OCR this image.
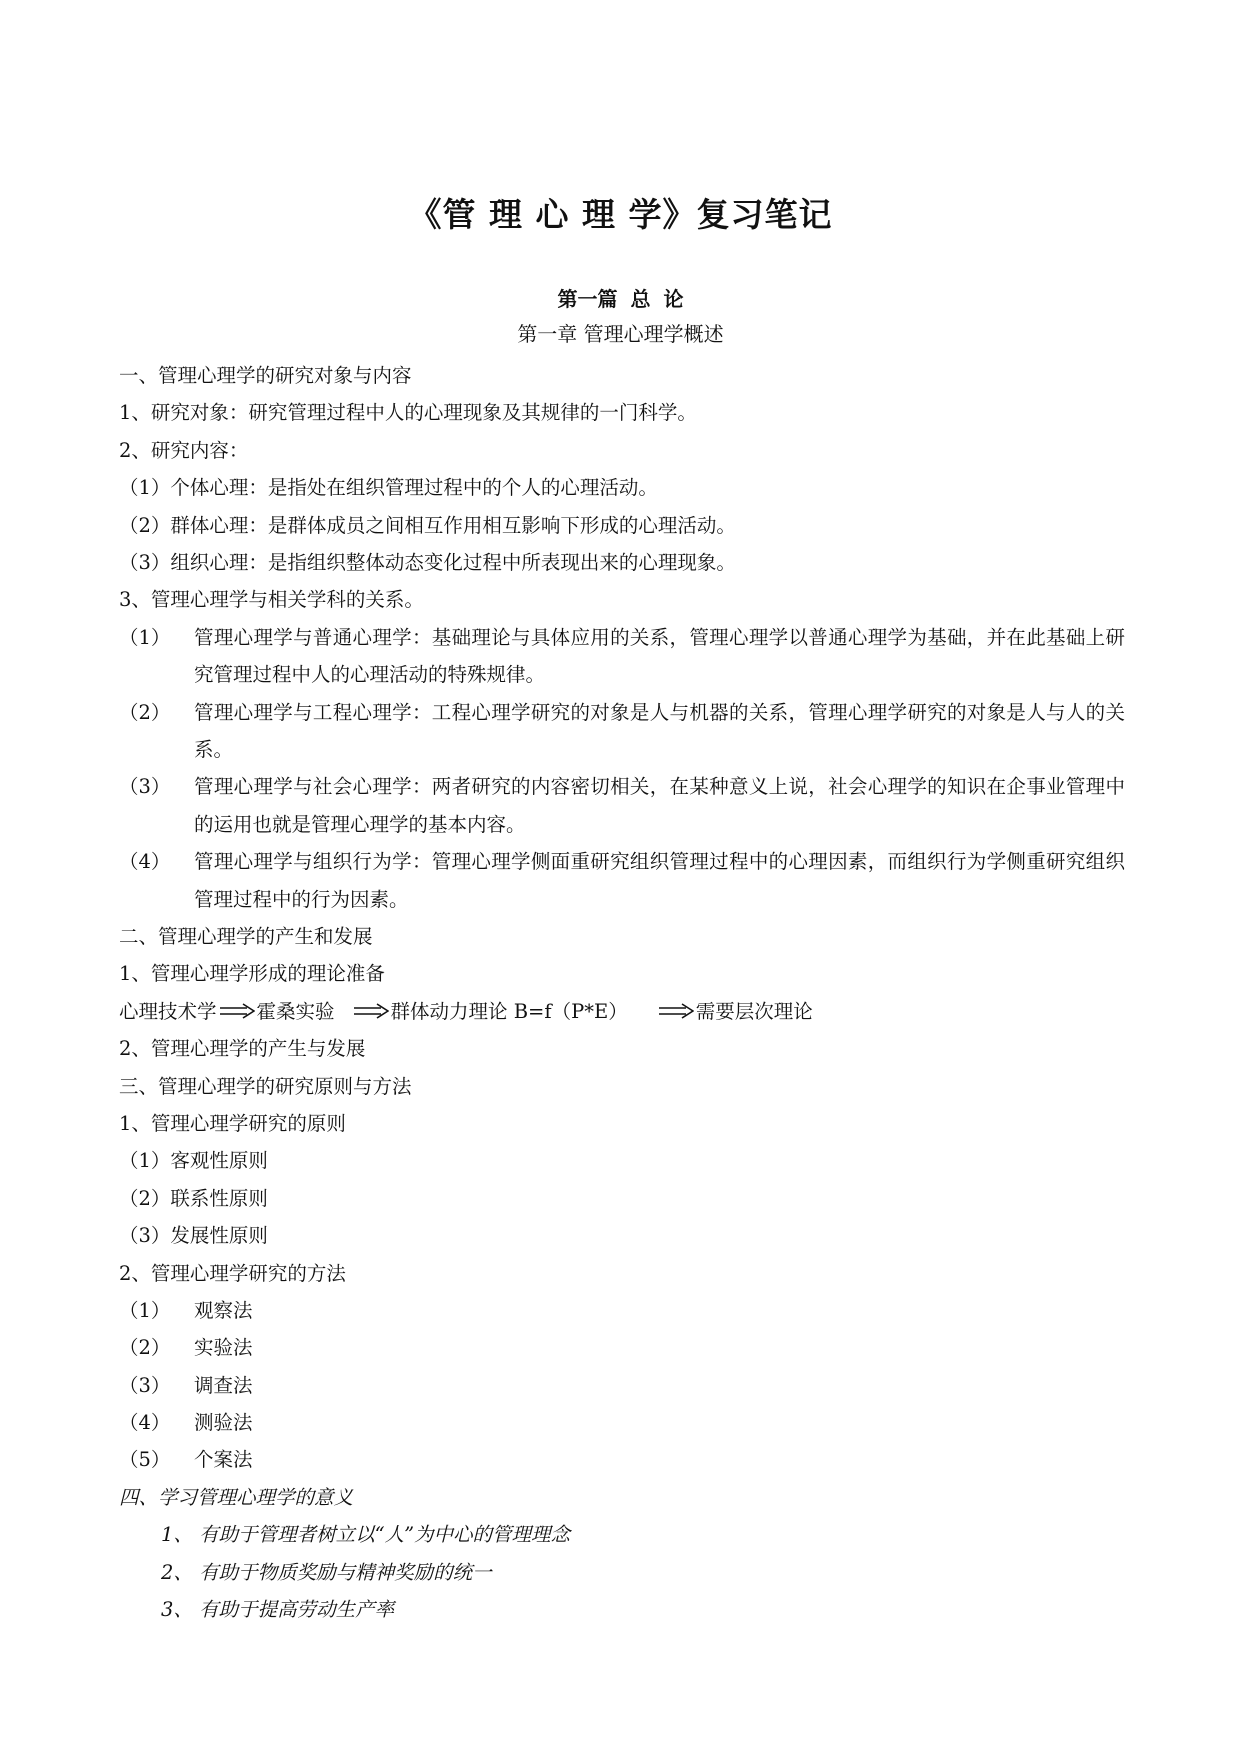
《管 理 心 理 学》复习笔记
第一篇 总 论
第一章 管理心理学概述
一、管理心理学的研究对象与内容
1、研究对象：研究管理过程中人的心理现象及其规律的一门科学。
2、研究内容：
（1）个体心理：是指处在组织管理过程中的个人的心理活动。
（2）群体心理：是群体成员之间相互作用相互影响下形成的心理活动。
（3）组织心理：是指组织整体动态变化过程中所表现出来的心理现象。
3、管理心理学与相关学科的关系。
（1）	管理心理学与普通心理学：基础理论与具体应用的关系，管理心理学以普通心理学为基础，并在此基础上研究管理过程中人的心理活动的特殊规律。
（2）	管理心理学与工程心理学：工程心理学研究的对象是人与机器的关系，管理心理学研究的对象是人与人的关系。
（3）	管理心理学与社会心理学：两者研究的内容密切相关，在某种意义上说，社会心理学的知识在企事业管理中的运用也就是管理心理学的基本内容。
（4）	管理心理学与组织行为学：管理心理学侧面重研究组织管理过程中的心理因素，而组织行为学侧重研究组织管理过程中的行为因素。
二、管理心理学的产生和发展
1、管理心理学形成的理论准备
心理技术学 霍桑实验	群体动力理论 B=f（P*E）	需要层次理论
2、管理心理学的产生与发展
三、管理心理学的研究原则与方法
1、管理心理学研究的原则
（1）客观性原则
（2）联系性原则
（3）发展性原则
2、管理心理学研究的方法
（1）	观察法
（2）	实验法
（3）	调查法
（4）	测验法
（5）	个案法
四、学习管理心理学的意义
1、 有助于管理者树立以“人”为中心的管理理念
2、 有助于物质奖励与精神奖励的统一
3、 有助于提高劳动生产率
